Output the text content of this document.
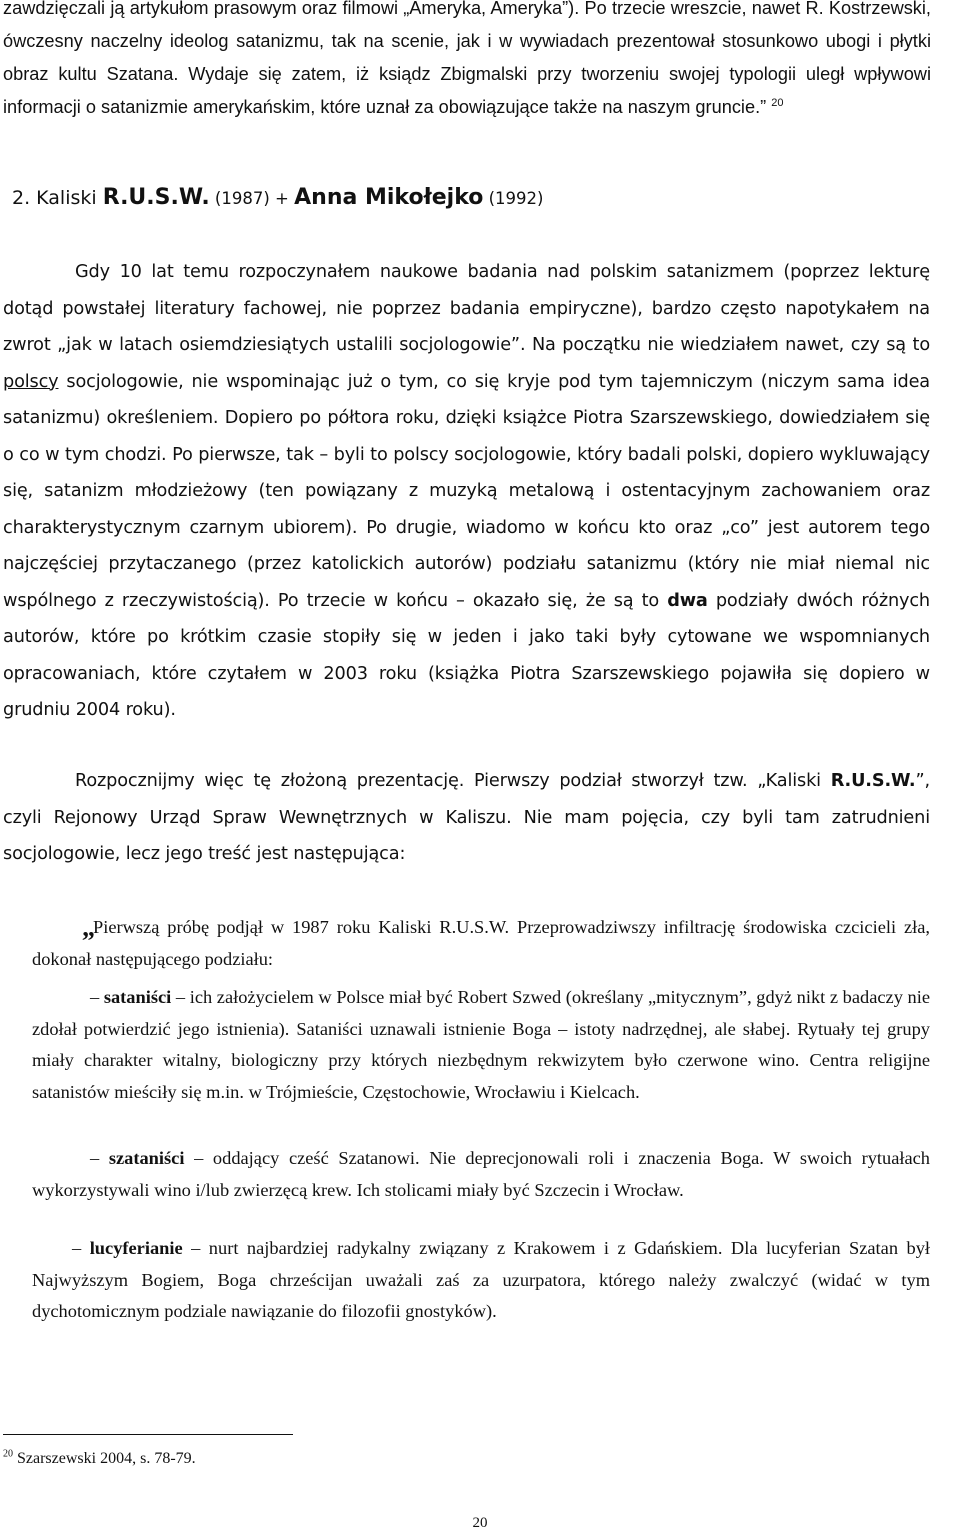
zawdzięczali ją artykułom prasowym oraz filmowi „Ameryka, Ameryka”). Po trzecie wreszcie, nawet R. Kostrzewski, ówczesny naczelny ideolog satanizmu, tak na scenie, jak i w wywiadach prezentował stosunkowo ubogi i płytki obraz kultu Szatana. Wydaje się zatem, iż ksiądz Zbigmalski przy tworzeniu swojej typologii uległ wpływowi informacji o satanizmie amerykańskim, które uznał za obowiązujące także na naszym gruncie.” $^{20}$

2. Kaliski R.U.S.W. (1987) + Anna Mikołejko (1992)

Gdy 10 lat temu rozpoczynałem naukowe badania nad polskim satanizmem (poprzez lekturę dotąd powstałej literatury fachowej, nie poprzez badania empiryczne), bardzo często napotykałem na zwrot „jak w latach osiemdziesiątych ustalili socjologowie”. Na początku nie wiedziałem nawet, czy są to polscy socjologowie, nie wspominając już o tym, co się kryje pod tym tajemniczym (niczym sama idea satanizmu) określeniem. Dopiero po półtora roku, dzięki książce Piotra Szarszewskiego, dowiedziałem się o co w tym chodzi. Po pierwsze, tak – byli to polscy socjologowie, który badali polski, dopiero wykluwający się, satanizm młodzieżowy (ten powiązany z muzyką metalową i ostentacyjnym zachowaniem oraz charakterystycznym czarnym ubiorem). Po drugie, wiadomo w końcu kto oraz „co” jest autorem tego najczęściej przytaczanego (przez katolickich autorów) podziału satanizmu (który nie miał niemal nic wspólnego z rzeczywistością). Po trzecie w końcu – okazało się, że są to dwa podziały dwóch różnych autorów, które po krótkim czasie stopiły się w jeden i jako taki były cytowane we wspomnianych opracowaniach, które czytałem w 2003 roku (książka Piotra Szarszewskiego pojawiła się dopiero w grudniu 2004 roku).

Rozpocznijmy więc tę złożoną prezentację. Pierwszy podział stworzył tzw. „Kaliski R.U.S.W.”, czyli Rejonowy Urząd Spraw Wewnętrznych w Kaliszu. Nie mam pojęcia, czy byli tam zatrudnieni socjologowie, lecz jego treść jest następująca:

„Pierwszą próbę podjął w 1987 roku Kaliski R.U.S.W. Przeprowadziwszy infiltrację środowiska czcicieli zła, dokonał następującego podziału:

– sataniści – ich założycielem w Polsce miał być Robert Szwed (określany „mitycznym”, gdyż nikt z badaczy nie zdołał potwierdzić jego istnienia). Sataniści uznawali istnienie Boga – istoty nadrzędnej, ale słabej. Rytuały tej grupy miały charakter witalny, biologiczny przy których niezbędnym rekwizytem było czerwone wino. Centra religijne satanistów mieściły się m.in. w Trójmieście, Częstochowie, Wrocławiu i Kielcach.

– szataniści – oddający cześć Szatanowi. Nie deprecjonowali roli i znaczenia Boga. W swoich rytuałach wykorzystywali wino i/lub zwierzęcą krew. Ich stolicami miały być Szczecin i Wrocław.

– lucyferianie – nurt najbardziej radykalny związany z Krakowem i z Gdańskiem. Dla lucyferian Szatan był Najwyższym Bogiem, Boga chrześcijan uważali zaś za uzurpatora, którego należy zwalczyć (widać w tym dychotomicznym podziale nawiązanie do filozofii gnostyków).

$^{20}$ Szarszewski 2004, s. 78-79.

20
